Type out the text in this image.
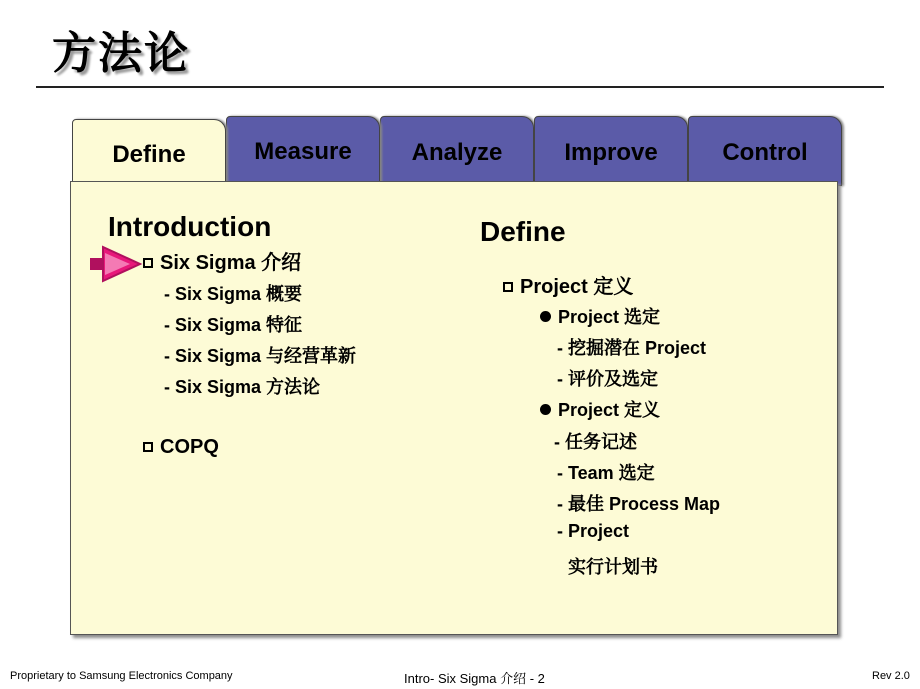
方法论
Analyze	Improve	Control
Measure
Define
Introduction
Six Sigma 介绍
- Six Sigma 概要
- Six Sigma 特征
- Six Sigma 与经营革新
- Six Sigma 方法论
COPQ
Define
Project 定义
Project 选定
- 挖掘潜在 Project
- 评价及选定
Project 定义
- 任务记述
- Team 选定
- 最佳 Process Map
- Project
实行计划书
Proprietary to Samsung Electronics Company	Intro- Six Sigma 介绍 - 2	Rev 2.0
